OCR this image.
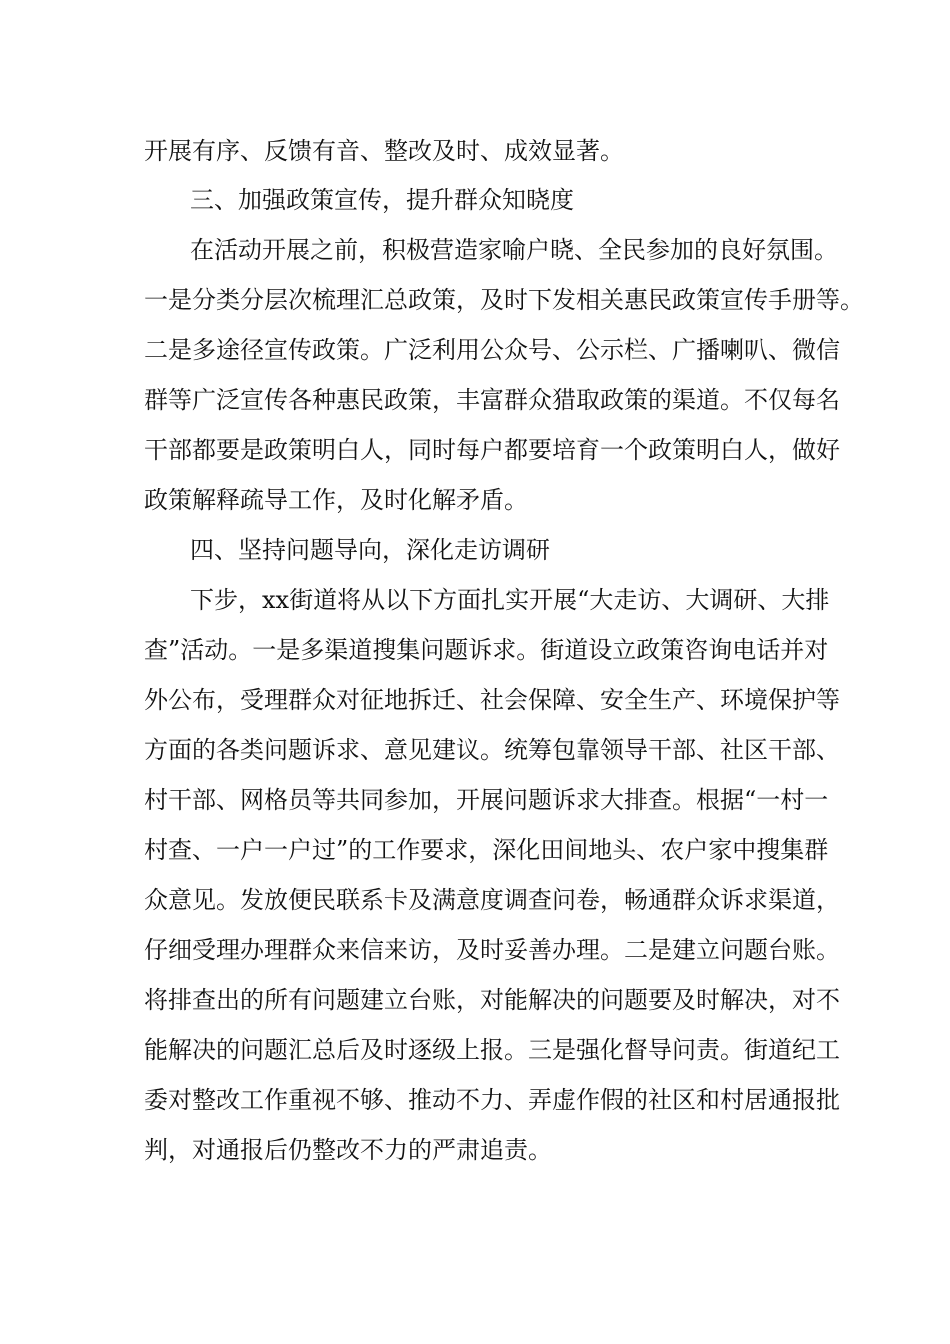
开展有序、反馈有音、整改及时、成效显著。
三、加强政策宣传，提升群众知晓度
在活动开展之前，积极营造家喻户晓、全民参加的良好氛围。
一是分类分层次梳理汇总政策，及时下发相关惠民政策宣传手册等。
二是多途径宣传政策。广泛利用公众号、公示栏、广播喇叭、微信
群等广泛宣传各种惠民政策，丰富群众猎取政策的渠道。不仅每名
干部都要是政策明白人，同时每户都要培育一个政策明白人，做好
政策解释疏导工作，及时化解矛盾。
四、坚持问题导向，深化走访调研
下步，xx街道将从以下方面扎实开展“大走访、大调研、大排
查”活动。一是多渠道搜集问题诉求。街道设立政策咨询电话并对
外公布，受理群众对征地拆迁、社会保障、安全生产、环境保护等
方面的各类问题诉求、意见建议。统筹包靠领导干部、社区干部、
村干部、网格员等共同参加，开展问题诉求大排查。根据“一村一
村查、一户一户过”的工作要求，深化田间地头、农户家中搜集群
众意见。发放便民联系卡及满意度调查问卷，畅通群众诉求渠道，
仔细受理办理群众来信来访，及时妥善办理。二是建立问题台账。
将排查出的所有问题建立台账，对能解决的问题要及时解决，对不
能解决的问题汇总后及时逐级上报。三是强化督导问责。街道纪工
委对整改工作重视不够、推动不力、弄虚作假的社区和村居通报批
判，对通报后仍整改不力的严肃追责。
